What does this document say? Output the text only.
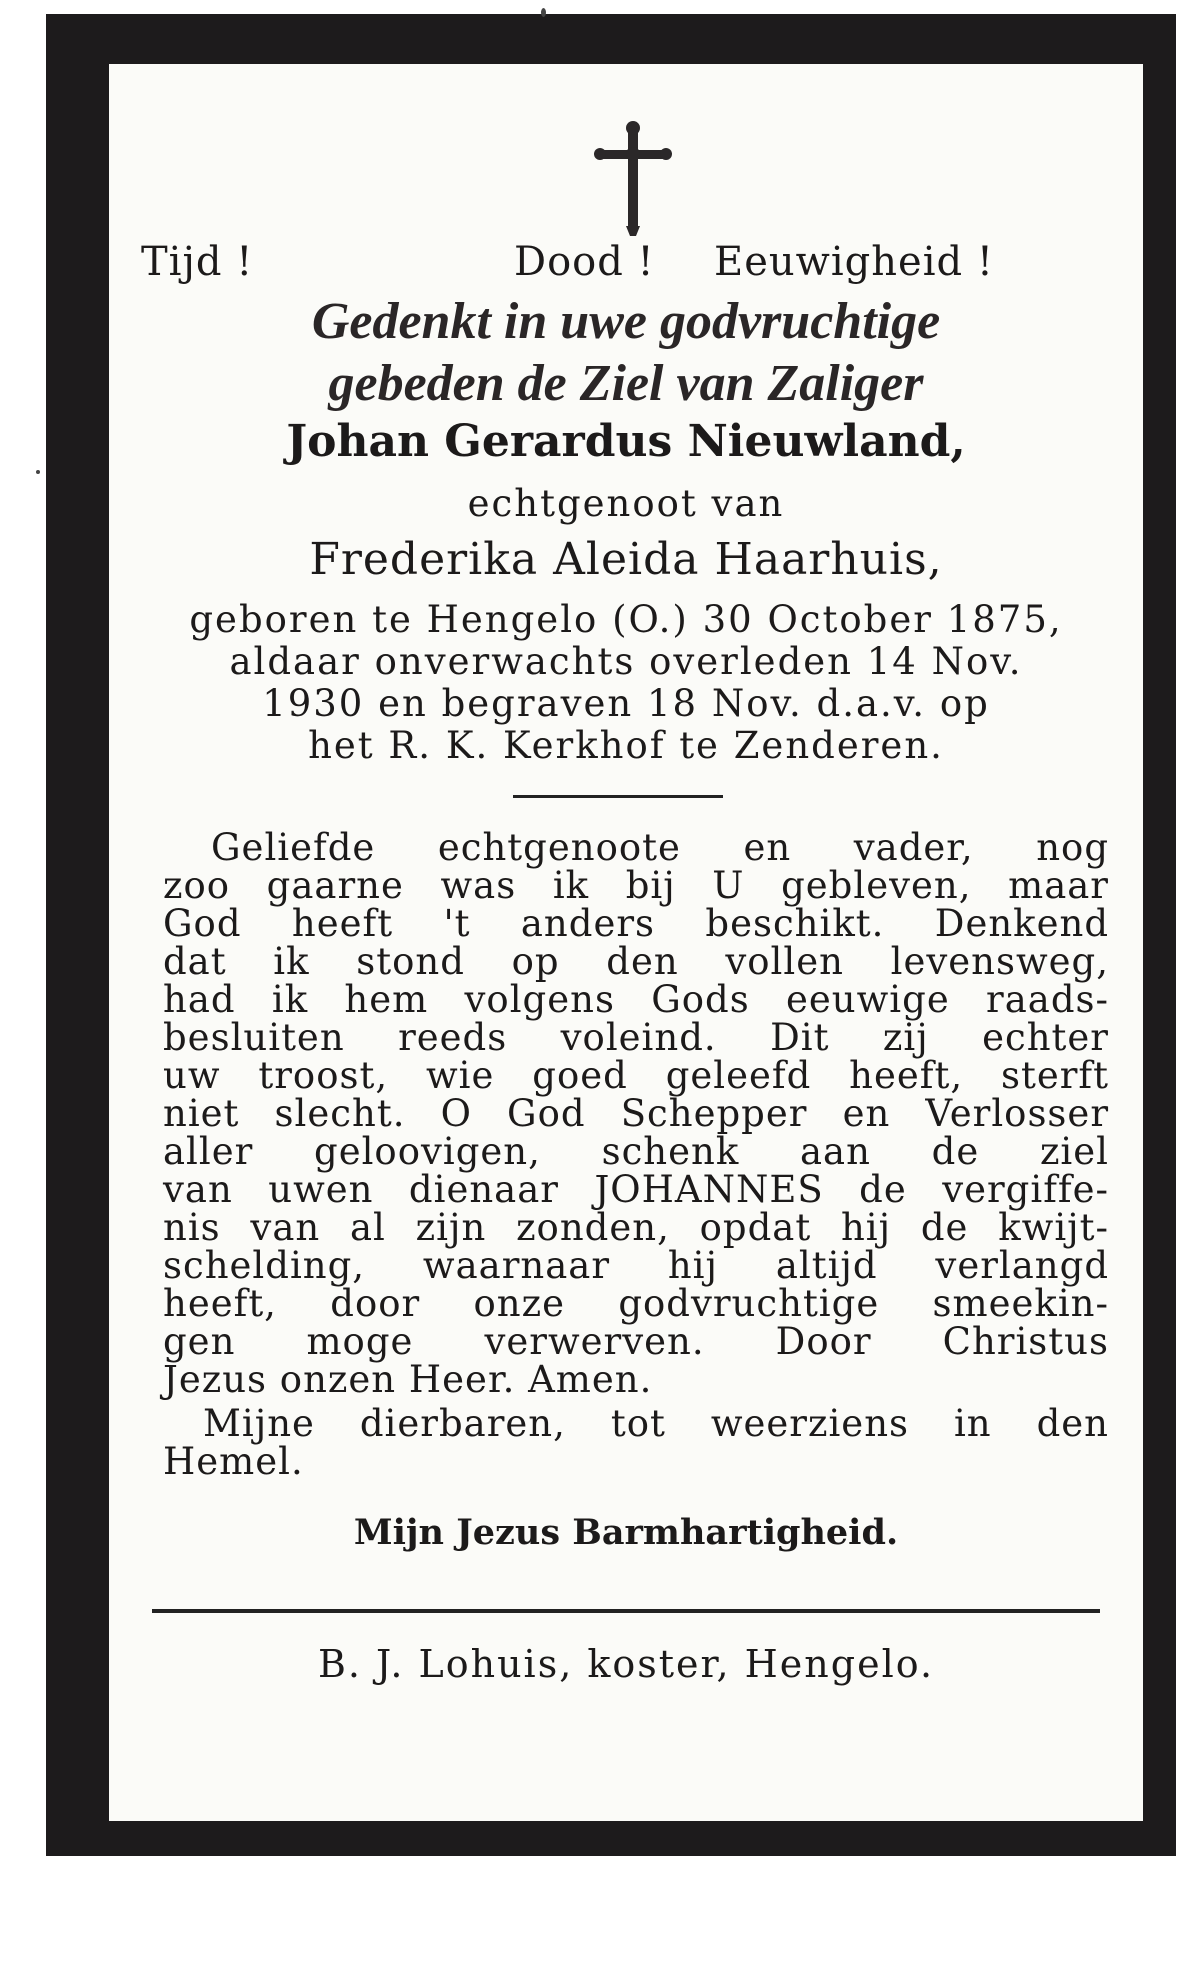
Tijd !	Dood ! Eeuwigheid !
Gedenkt in uwe godvruchtige
gebeden de Ziel van Zaliger
Johan Gerardus Nieuwland,
echtgenoot van
Frederika Aleida Haarhuis,
geboren te Hengelo (O.) 30 October 1875,
aldaar onverwachts overleden 14 Nov.
1930 en begraven 18 Nov. d.a.v. op
het R. K. Kerkhof te Zenderen.
Geliefde echtgenoote en vader, nog
zoo gaarne was ik bij U gebleven, maar
God heeft 't anders beschikt. Denkend
dat ik stond op den vollen levensweg,
had ik hem volgens Gods eeuwige raads-
besluiten reeds voleind. Dit zij echter
uw troost, wie goed geleefd heeft, sterft
niet slecht. O God Schepper en Verlosser
aller geloovigen, schenk aan de ziel
van uwen dienaar JOHANNES de vergiffe-
nis van al zijn zonden, opdat hij de kwijt-
schelding, waarnaar hij altijd verlangd
heeft, door onze godvruchtige smeekin-
gen moge verwerven. Door Christus
Jezus onzen Heer. Amen.
Mijne dierbaren, tot weerziens in den
Hemel.
Mijn Jezus Barmhartigheid.
B. J. Lohuis, koster, Hengelo.
